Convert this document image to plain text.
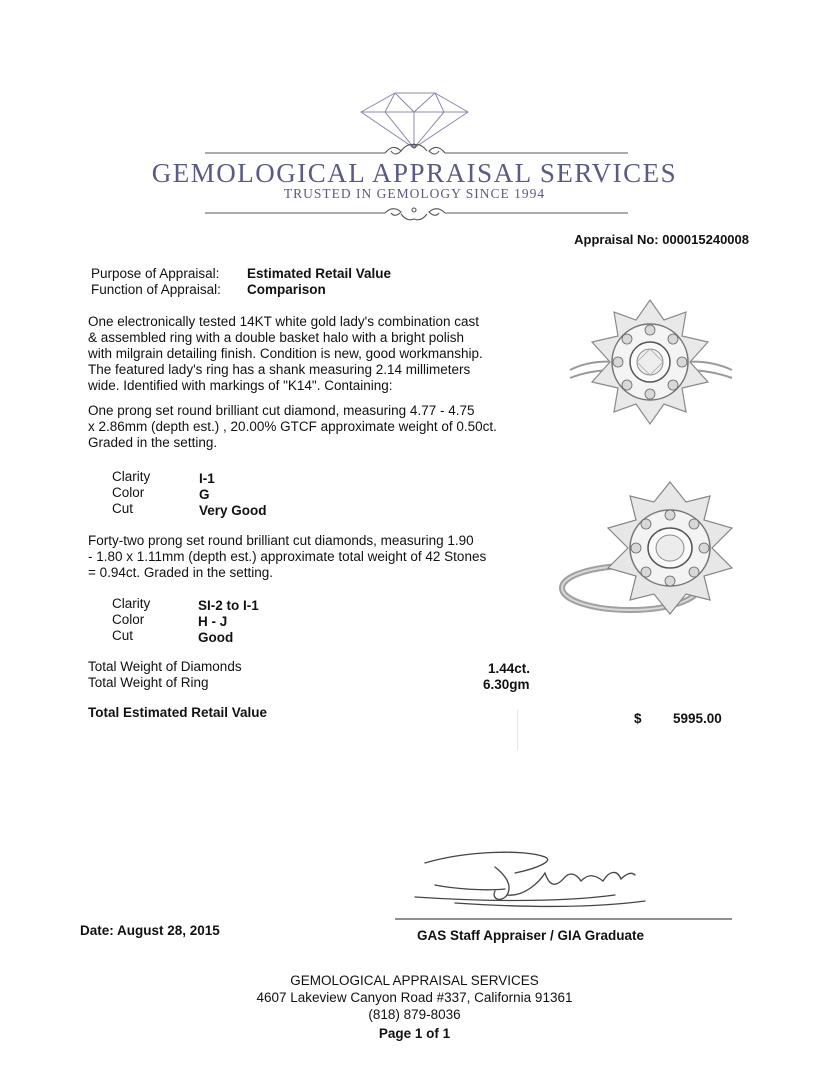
GEMOLOGICAL APPRAISAL SERVICES
TRUSTED IN GEMOLOGY SINCE 1994
Appraisal No: 000015240008
Purpose of Appraisal: Estimated Retail Value
Function of Appraisal: Comparison
One electronically tested 14KT white gold lady's combination cast
& assembled ring with a double basket halo with a bright polish
with milgrain detailing finish. Condition is new, good workmanship.
The featured lady's ring has a shank measuring 2.14 millimeters
wide. Identified with markings of "K14". Containing:
One prong set round brilliant cut diamond, measuring 4.77 - 4.75
x 2.86mm (depth est.) , 20.00% GTCF approximate weight of 0.50ct.
Graded in the setting.
Clarity	I-1
Color	G
Cut	Very Good
Forty-two prong set round brilliant cut diamonds, measuring 1.90
- 1.80 x 1.11mm (depth est.) approximate total weight of 42 Stones
= 0.94ct. Graded in the setting.
Clarity	SI-2 to I-1
Color	H - J
Cut	Good
Total Weight of Diamonds	1.44ct.
Total Weight of Ring	6.30gm
Total Estimated Retail Value	$ 5995.00
Date: August 28, 2015	GAS Staff Appraiser / GIA Graduate
GEMOLOGICAL APPRAISAL SERVICES
4607 Lakeview Canyon Road #337, California 91361
(818) 879-8036
Page 1 of 1
